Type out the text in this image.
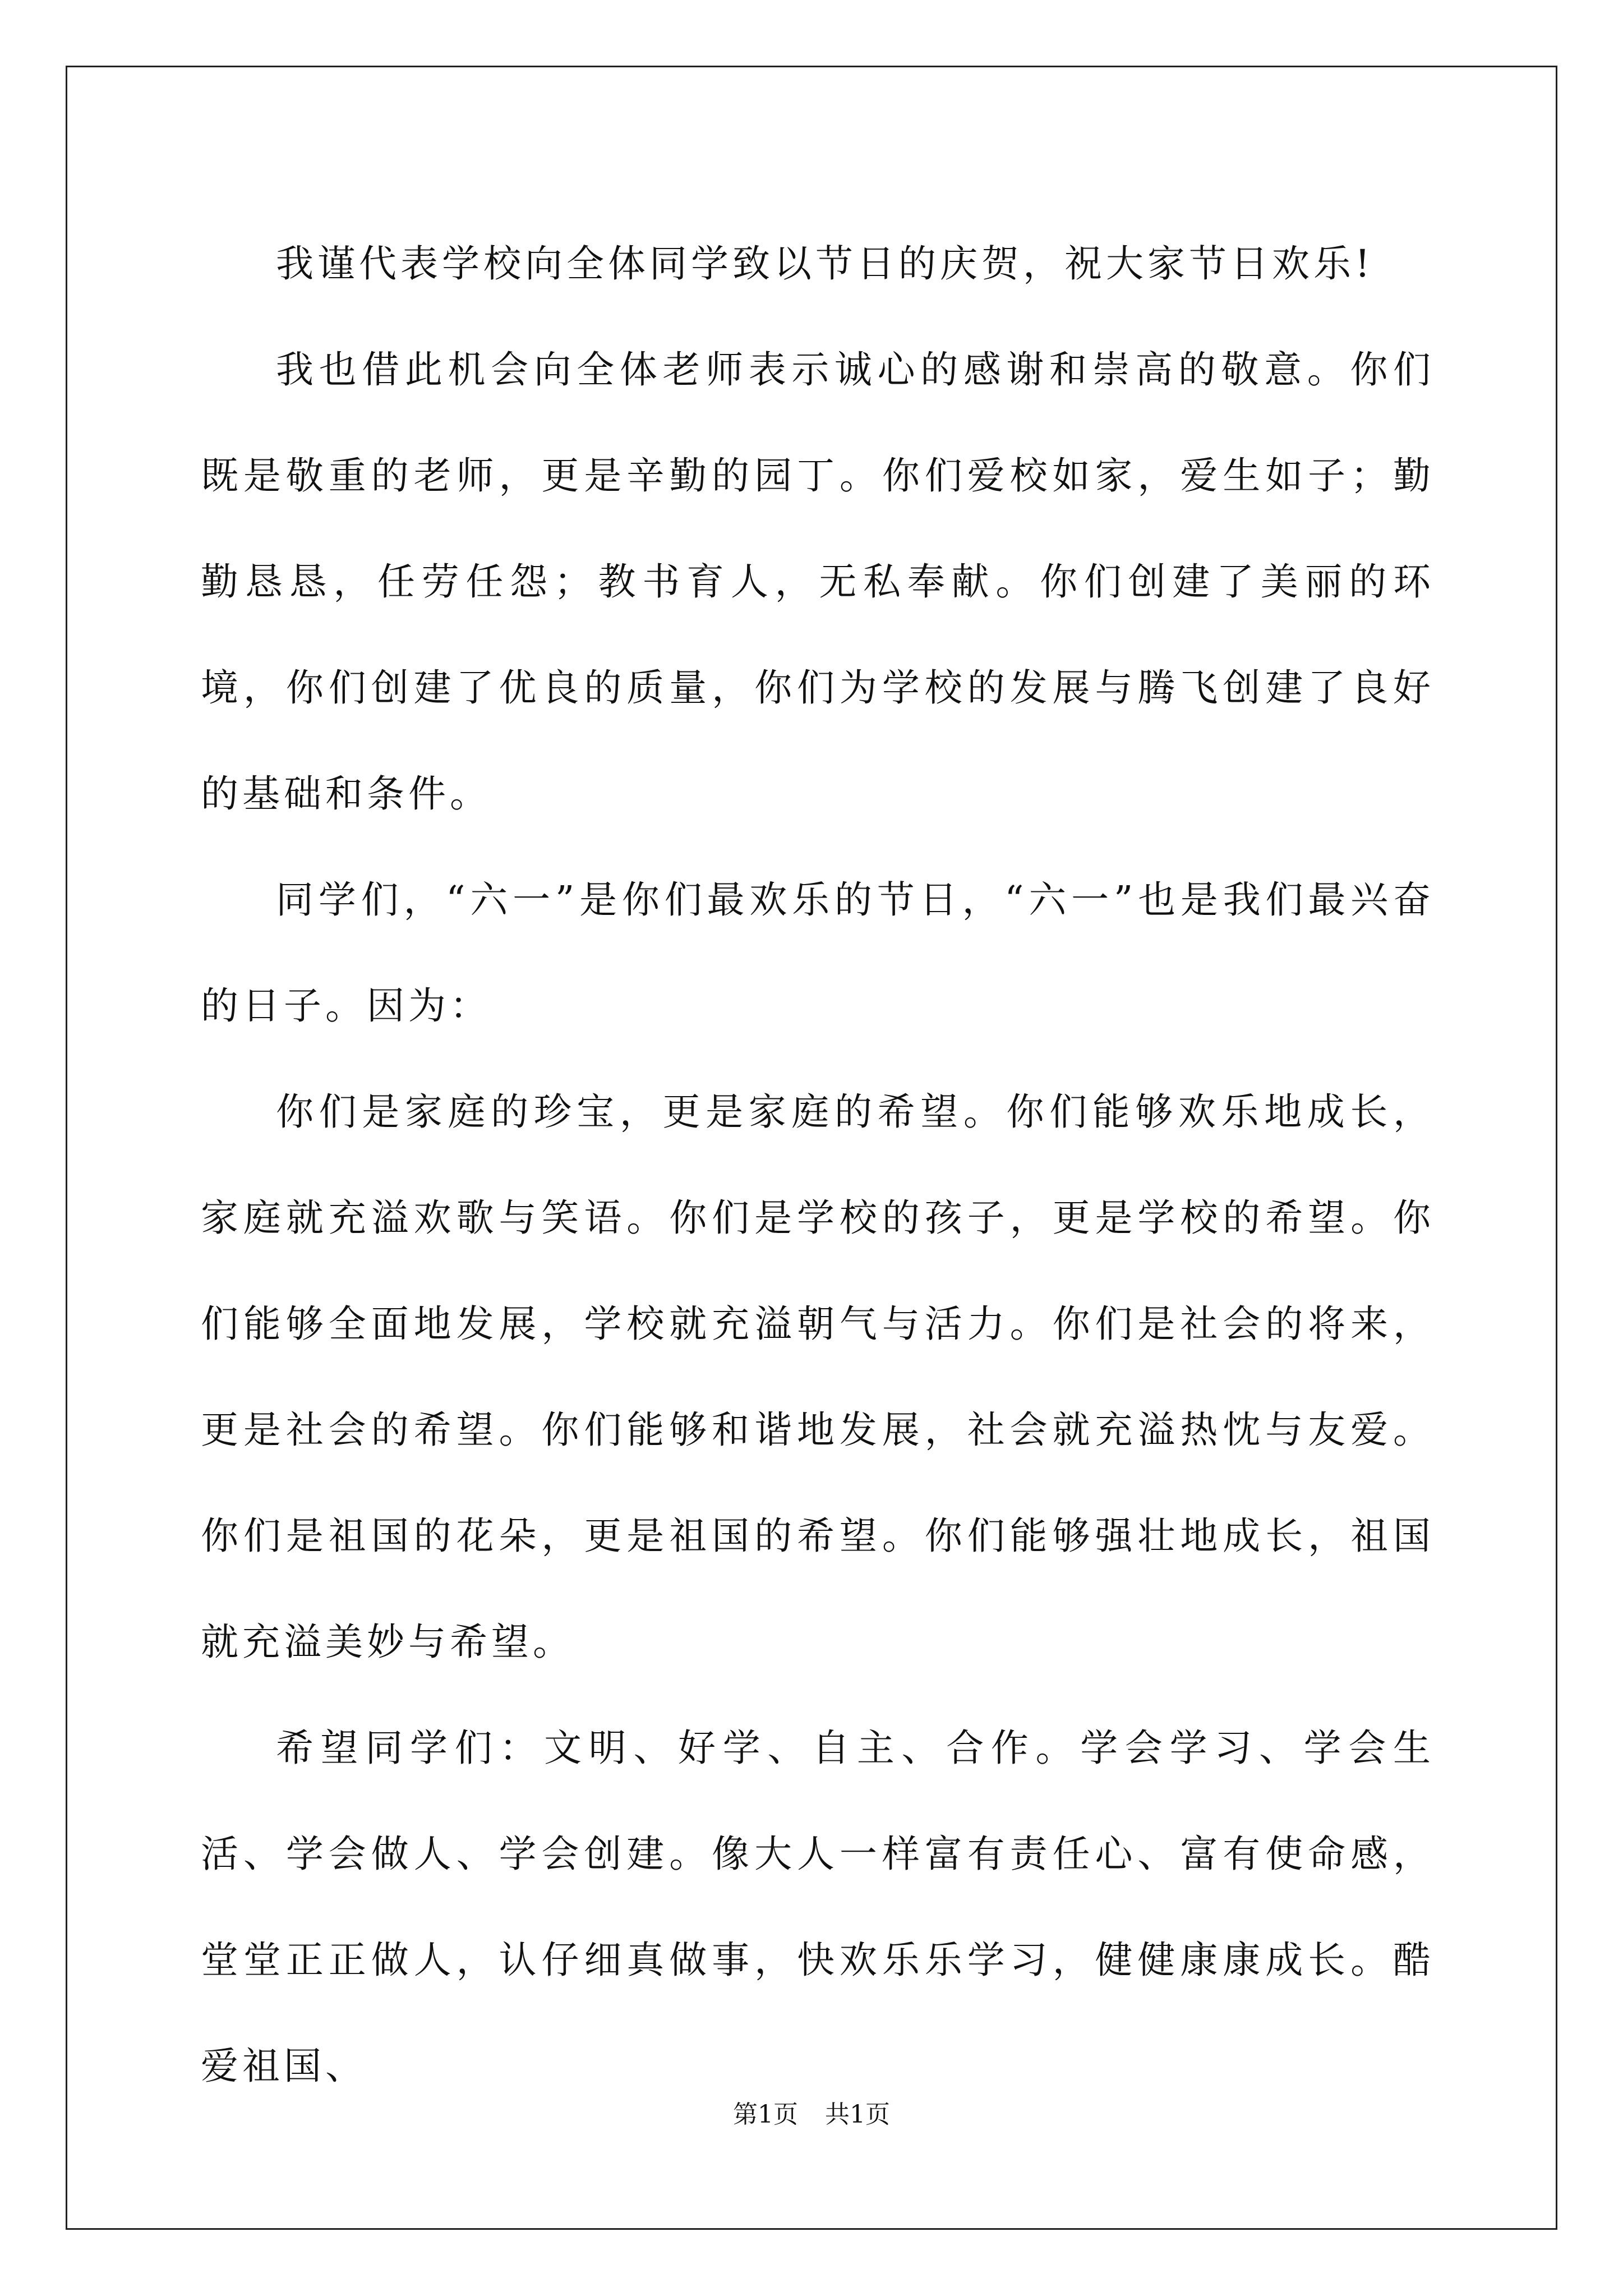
我谨代表学校向全体同学致以节日的庆贺，祝大家节日欢乐!

我也借此机会向全体老师表示诚心的感谢和崇高的敬意。你们既是敬重的老师，更是辛勤的园丁。你们爱校如家，爱生如子；勤勤恳恳，任劳任怨；教书育人，无私奉献。你们创建了美丽的环境，你们创建了优良的质量，你们为学校的发展与腾飞创建了良好的基础和条件。

同学们，“六一”是你们最欢乐的节日，“六一”也是我们最兴奋的日子。因为：

你们是家庭的珍宝，更是家庭的希望。你们能够欢乐地成长，家庭就充溢欢歌与笑语。你们是学校的孩子，更是学校的希望。你们能够全面地发展，学校就充溢朝气与活力。你们是社会的将来，更是社会的希望。你们能够和谐地发展，社会就充溢热忱与友爱。你们是祖国的花朵，更是祖国的希望。你们能够强壮地成长，祖国就充溢美妙与希望。

希望同学们：文明、好学、自主、合作。学会学习、学会生活、学会做人、学会创建。像大人一样富有责任心、富有使命感，堂堂正正做人，认仔细真做事，快欢乐乐学习，健健康康成长。酷爱祖国、

第1页 共1页
